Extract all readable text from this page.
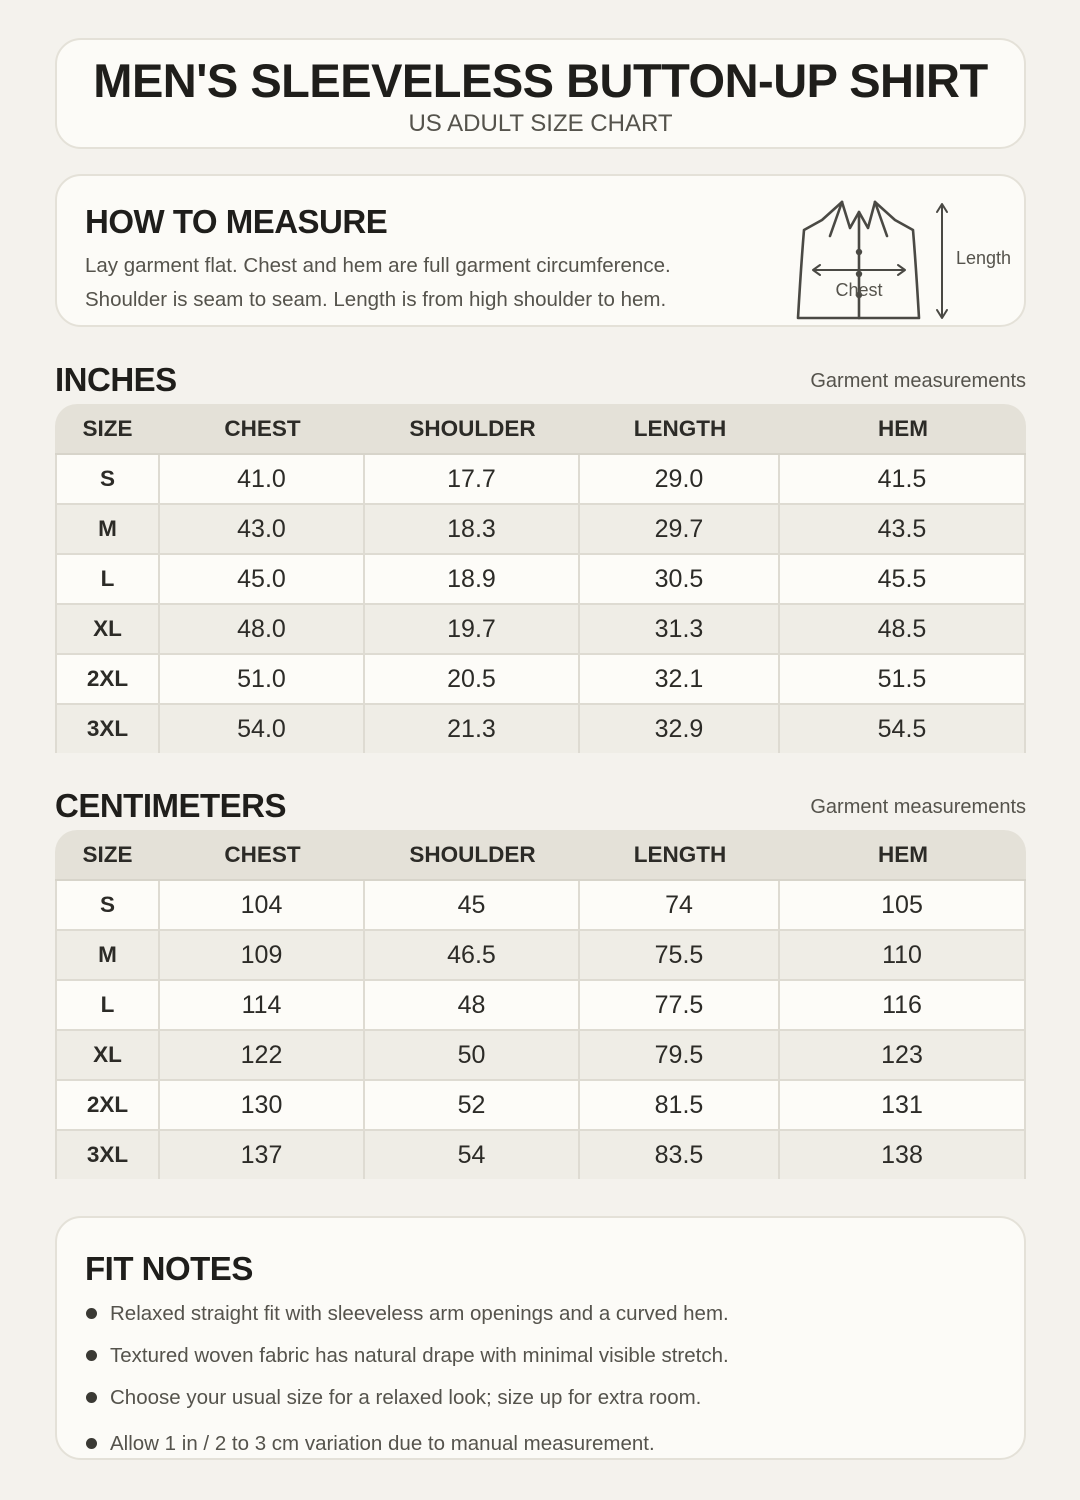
MEN'S SLEEVELESS BUTTON-UP SHIRT
US ADULT SIZE CHART
HOW TO MEASURE
Lay garment flat. Chest and hem are full garment circumference.
Shoulder is seam to seam. Length is from high shoulder to hem.	Chest
Length
INCHES	Garment measurements
SIZE	CHEST	SHOULDER	LENGTH	HEM
S	41.0	17.7	29.0	41.5
M	43.0	18.3	29.7	43.5
L	45.0	18.9	30.5	45.5
XL	48.0	19.7	31.3	48.5
2XL	51.0	20.5	32.1	51.5
3XL	54.0	21.3	32.9	54.5
CENTIMETERS	Garment measurements
SIZE	CHEST	SHOULDER	LENGTH	HEM
S	104	45	74	105
M	109	46.5	75.5	110
L	114	48	77.5	116
XL	122	50	79.5	123
2XL	130	52	81.5	131
3XL	137	54	83.5	138
FIT NOTES
Relaxed straight fit with sleeveless arm openings and a curved hem.
Textured woven fabric has natural drape with minimal visible stretch.
Choose your usual size for a relaxed look; size up for extra room.
Allow 1 in / 2 to 3 cm variation due to manual measurement.
